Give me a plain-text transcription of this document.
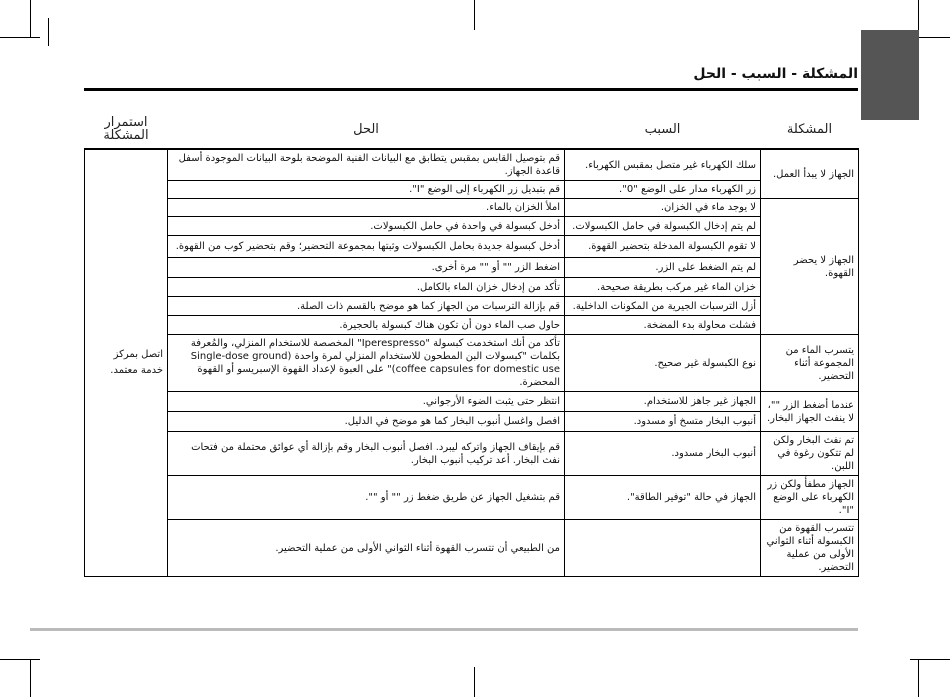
المشكلة - السبب - الحل
المشكلة	السبب	الحل	استمرار المشكلة
الجهاز لا يبدأ العمل.	سلك الكهرباء غير متصل بمقبس الكهرباء.	قم بتوصيل القابس بمقبس يتطابق مع البيانات الفنية الموضحة بلوحة البيانات الموجودة أسفل قاعدة الجهاز.	اتصل بمركز خدمة معتمد.
	زر الكهرباء مدار على الوضع "0".	قم بتبديل زر الكهرباء إلى الوضع "I".	
الجهاز لا يحضر القهوة.	لا يوجد ماء في الخزان.	املأ الخزان بالماء.	
	لم يتم إدخال الكبسولة في حامل الكبسولات.	أدخل كبسولة في واحدة في حامل الكبسولات.	
	لا تقوم الكبسولة المدخلة بتحضير القهوة.	أدخل كبسولة جديدة بحامل الكبسولات وثبتها بمجموعة التحضير؛ وقم بتحضير كوب من القهوة.	
	لم يتم الضغط على الزر.	اضغط الزر "" أو "" مرة أخرى.	
	خزان الماء غير مركب بطريقة صحيحة.	تأكد من إدخال خزان الماء بالكامل.	
	أزل الترسبات الجيرية من المكونات الداخلية.	قم بإزالة الترسبات من الجهاز كما هو موضح بالقسم ذات الصلة.	
	فشلت محاولة بدء المضخة.	حاول صب الماء دون أن تكون هناك كبسولة بالحجيرة.	
يتسرب الماء من المجموعة أثناء التحضير.	نوع الكبسولة غير صحيح.	تأكد من أنك استخدمت كبسولة "Iperespresso" المخصصة للاستخدام المنزلي، والمُعرفة بكلمات "كبسولات البن المطحون للاستخدام المنزلي لمرة واحدة (Single-dose ground coffee capsules for domestic use)" على العبوة لإعداد القهوة الإسبريسو أو القهوة المحضرة.	
عندما أضغط الزر ""، لا ينفث الجهاز البخار.	الجهاز غير جاهز للاستخدام.	انتظر حتى يثبت الضوء الأرجواني.	
	أنبوب البخار متسخ أو مسدود.	افصل واغسل أنبوب البخار كما هو موضح في الدليل.	
تم نفث البخار ولكن لم تتكون رغوة في اللبن.	أنبوب البخار مسدود.	قم بإيقاف الجهاز واتركه ليبرد. افصل أنبوب البخار وقم بإزالة أي عوائق محتملة من فتحات نفث البخار. أعد تركيب أنبوب البخار.	
الجهاز مطفأ ولكن زر الكهرباء على الوضع "I".	الجهاز في حالة "توفير الطاقة".	قم بتشغيل الجهاز عن طريق ضغط زر "" أو "".	
تتسرب القهوة من الكبسولة أثناء الثواني الأولى من عملية التحضير.		من الطبيعي أن تتسرب القهوة أثناء الثواني الأولى من عملية التحضير.	
